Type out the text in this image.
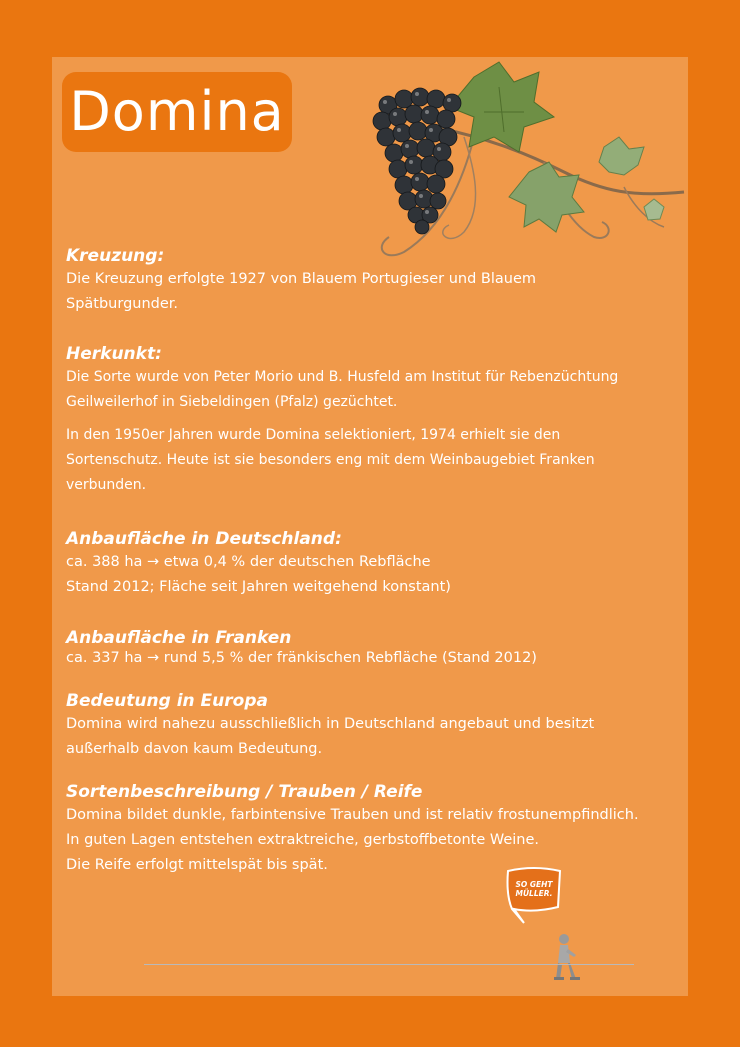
Domina

Kreuzung:

Die Kreuzung erfolgte 1927 von Blauem Portugieser und Blauem Spätburgunder.

Herkunkt:

Die Sorte wurde von Peter Morio und B. Husfeld am Institut für Rebenzüchtung Geilweilerhof in Siebeldingen (Pfalz) gezüchtet.

In den 1950er Jahren wurde Domina selektioniert, 1974 erhielt sie den Sortenschutz. Heute ist sie besonders eng mit dem Weinbaugebiet Franken verbunden.

Anbaufläche in Deutschland:

ca. 388 ha → etwa 0,4 % der deutschen Rebfläche

Stand 2012; Fläche seit Jahren weitgehend konstant)

Anbaufläche in Franken

ca. 337 ha → rund 5,5 % der fränkischen Rebfläche (Stand 2012)

Bedeutung in Europa

Domina wird nahezu ausschließlich in Deutschland angebaut und besitzt außerhalb davon kaum Bedeutung.

Sortenbeschreibung / Trauben / Reife

Domina bildet dunkle, farbintensive Trauben und ist relativ frostunempfindlich.

In guten Lagen entstehen extraktreiche, gerbstoffbetonte Weine.

Die Reife erfolgt mittelspät bis spät.

SO GEHT MÜLLER.
